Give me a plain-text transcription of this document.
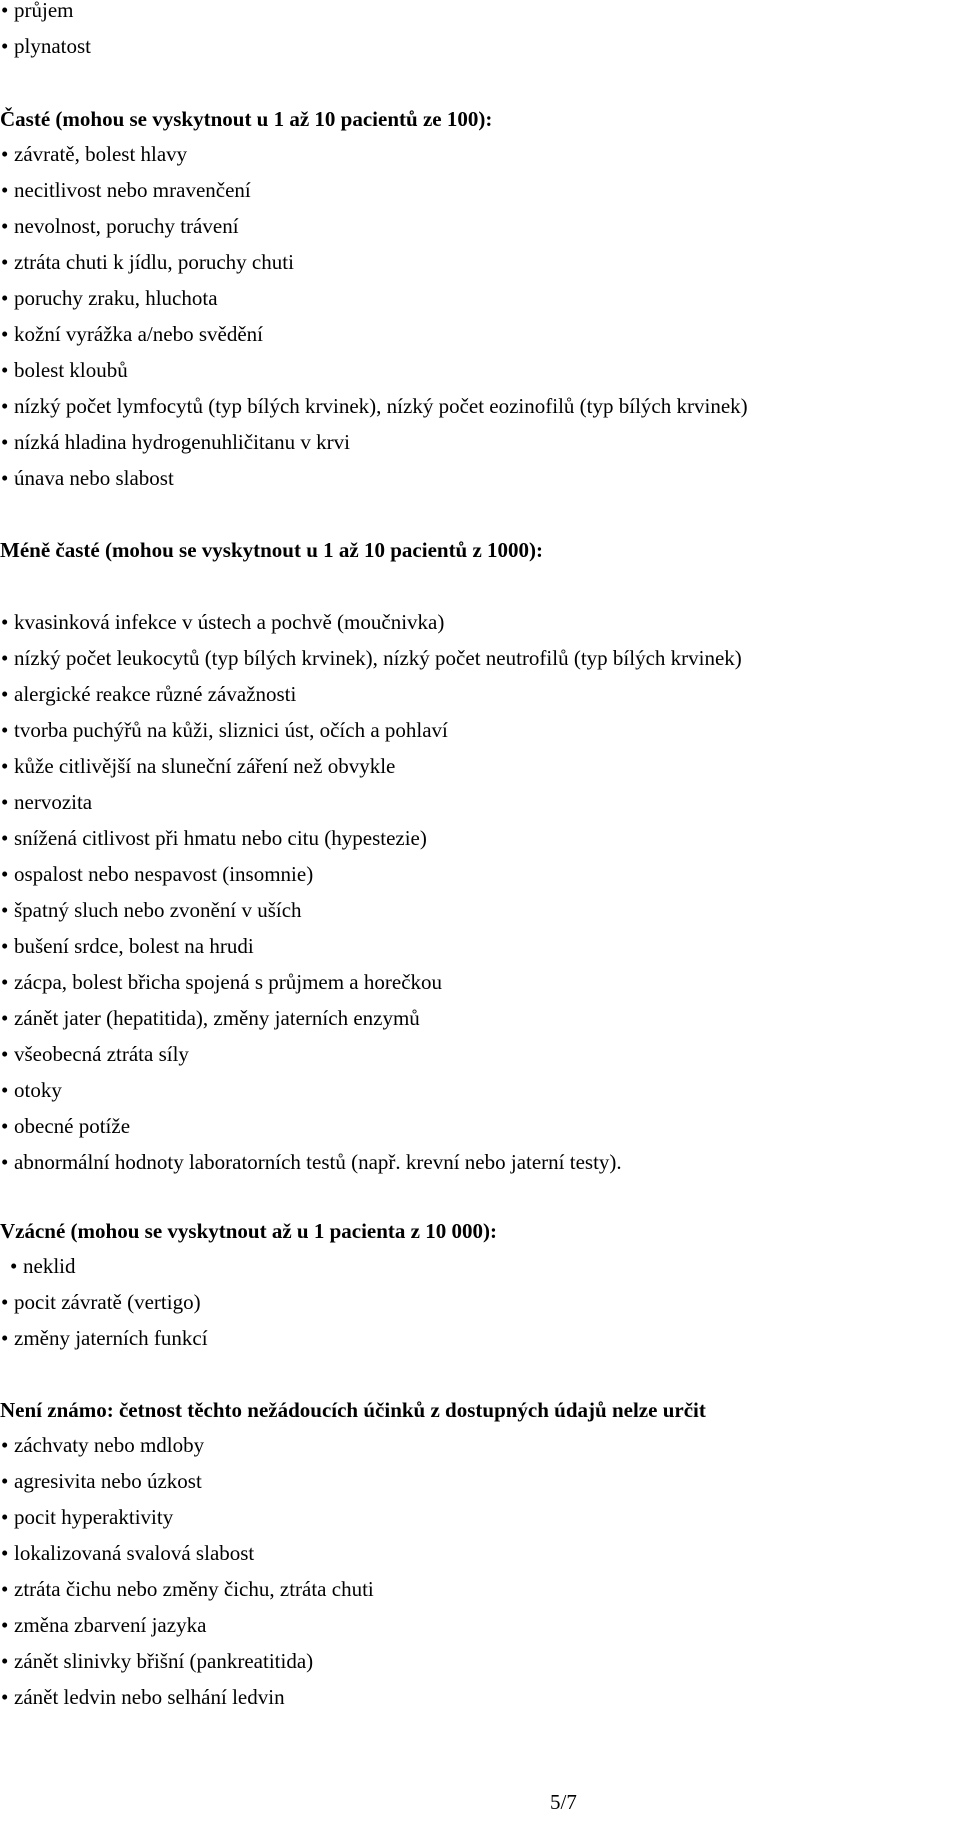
• průjem
• plynatost
Časté (mohou se vyskytnout u 1 až 10 pacientů ze 100):
• závratě, bolest hlavy
• necitlivost nebo mravenčení
• nevolnost, poruchy trávení
• ztráta chuti k jídlu, poruchy chuti
• poruchy zraku, hluchota
• kožní vyrážka a/nebo svědění
• bolest kloubů
• nízký počet lymfocytů (typ bílých krvinek), nízký počet eozinofilů (typ bílých krvinek)
• nízká hladina hydrogenuhličitanu v krvi
• únava nebo slabost
Méně časté (mohou se vyskytnout u 1 až 10 pacientů z 1000):
• kvasinková infekce v ústech a pochvě (moučnivka)
• nízký počet leukocytů (typ bílých krvinek), nízký počet neutrofilů (typ bílých krvinek)
• alergické reakce různé závažnosti
• tvorba puchýřů na kůži, sliznici úst, očích a pohlaví
• kůže citlivější na sluneční záření než obvykle
• nervozita
• snížená citlivost při hmatu nebo citu (hypestezie)
• ospalost nebo nespavost (insomnie)
• špatný sluch nebo zvonění v uších
• bušení srdce, bolest na hrudi
• zácpa, bolest břicha spojená s průjmem a horečkou
• zánět jater (hepatitida), změny jaterních enzymů
• všeobecná ztráta síly
• otoky
• obecné potíže
• abnormální hodnoty laboratorních testů (např. krevní nebo jaterní testy).
Vzácné (mohou se vyskytnout až u 1 pacienta z 10 000):
• neklid
• pocit závratě (vertigo)
• změny jaterních funkcí
Není známo: četnost těchto nežádoucích účinků z dostupných údajů nelze určit
• záchvaty nebo mdloby
• agresivita nebo úzkost
• pocit hyperaktivity
• lokalizovaná svalová slabost
• ztráta čichu nebo změny čichu, ztráta chuti
• změna zbarvení jazyka
• zánět slinivky břišní (pankreatitida)
• zánět ledvin nebo selhání ledvin
5/7
